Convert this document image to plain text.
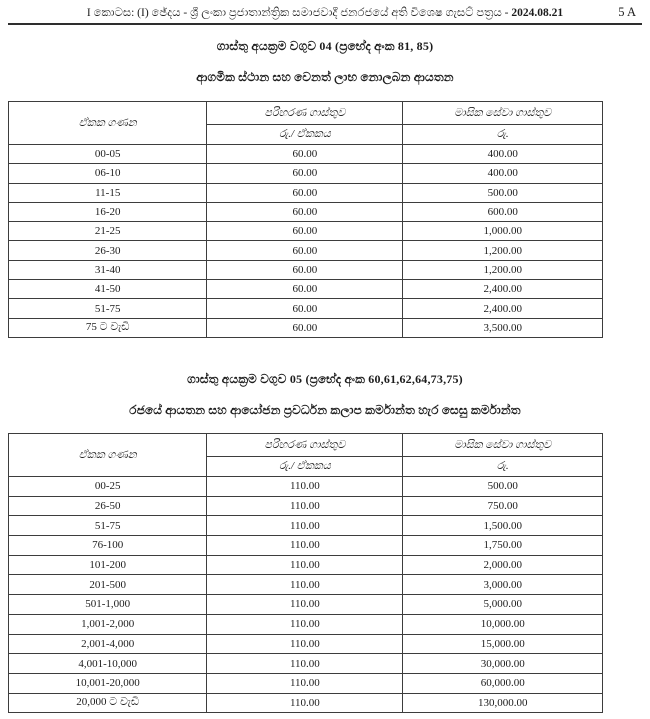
I කොටස: (I) ඡේදය - ශ්‍රී ලංකා ප්‍රජාතාන්ත්‍රික සමාජවාදී ජනරජයේ අති විශෙෂ ගැසට් පත්‍රය - 2024.08.21	5 A
ගාස්තු අයක්‍රම වගුව 04 (ප්‍රභේද අංක 81, 85)
ආගමික ස්ථාන සහ වෙනත් ලාභ නොලබන ආයතන
ඒකක ගණන	පරිහරණ ගාස්තුව	මාසික සේවා ගාස්තුව
	රු./ ඒකකය	රු.
00-05	60.00	400.00
06-10	60.00	400.00
11-15	60.00	500.00
16-20	60.00	600.00
21-25	60.00	1,000.00
26-30	60.00	1,200.00
31-40	60.00	1,200.00
41-50	60.00	2,400.00
51-75	60.00	2,400.00
75 ට වැඩි	60.00	3,500.00
ගාස්තු අයක්‍රම වගුව 05 (ප්‍රභේද අංක 60,61,62,64,73,75)
රජයේ ආයතන සහ ආයෝජන ප්‍රවර්ධන කලාප කර්මාන්ත හැර සෙසු කර්මාන්ත
ඒකක ගණන	පරිහරණ ගාස්තුව	මාසික සේවා ගාස්තුව
	රු./ ඒකකය	රු.
00-25	110.00	500.00
26-50	110.00	750.00
51-75	110.00	1,500.00
76-100	110.00	1,750.00
101-200	110.00	2,000.00
201-500	110.00	3,000.00
501-1,000	110.00	5,000.00
1,001-2,000	110.00	10,000.00
2,001-4,000	110.00	15,000.00
4,001-10,000	110.00	30,000.00
10,001-20,000	110.00	60,000.00
20,000 ට වැඩි	110.00	130,000.00
